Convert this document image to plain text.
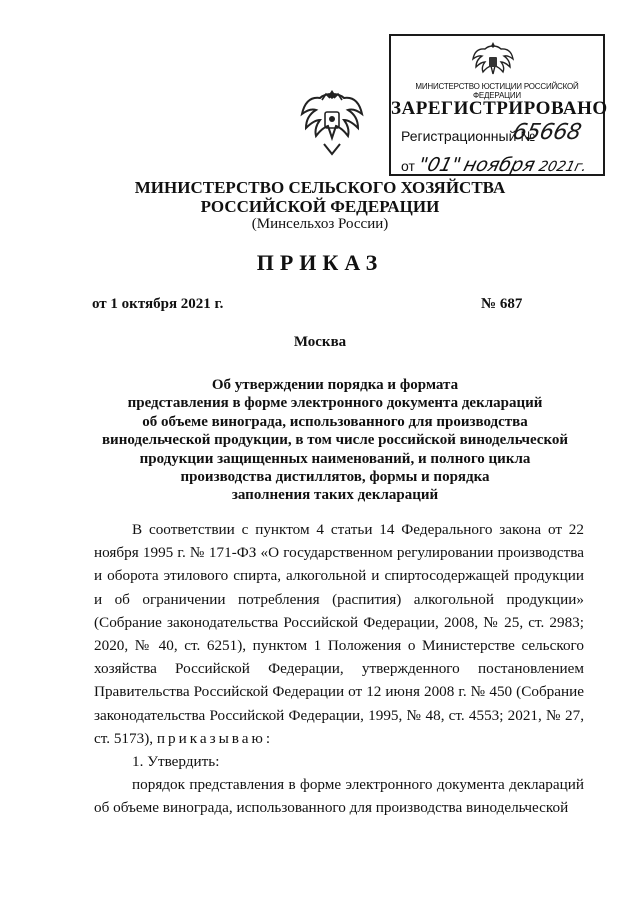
МИНИСТЕРСТВО ЮСТИЦИИ РОССИЙСКОЙ ФЕДЕРАЦИИ
ЗАРЕГИСТРИРОВАНО
Регистрационный №
65668
от "01" ноября 2021г.
МИНИСТЕРСТВО СЕЛЬСКОГО ХОЗЯЙСТВА
РОССИЙСКОЙ ФЕДЕРАЦИИ
(Минсельхоз России)
ПРИКАЗ
от 1 октября 2021 г.	№ 687
Москва
Об утверждении порядка и формата
представления в форме электронного документа деклараций
об объеме винограда, использованного для производства
винодельческой продукции, в том числе российской винодельческой
продукции защищенных наименований, и полного цикла
производства дистиллятов, формы и порядка
заполнения таких деклараций

В соответствии с пунктом 4 статьи 14 Федерального закона от 22 ноября 1995 г. № 171-ФЗ «О государственном регулировании производства и оборота этилового спирта, алкогольной и спиртосодержащей продукции и об ограничении потребления (распития) алкогольной продукции» (Собрание законодательства Российской Федерации, 2008, № 25, ст. 2983; 2020, № 40, ст. 6251), пунктом 1 Положения о Министерстве сельского хозяйства Российской Федерации, утвержденного постановлением Правительства Российской Федерации от 12 июня 2008 г. № 450 (Собрание законодательства Российской Федерации, 1995, № 48, ст. 4553; 2021, № 27, ст. 5173), приказываю:

1. Утвердить:

порядок представления в форме электронного документа деклараций об объеме винограда, использованного для производства винодельческой
